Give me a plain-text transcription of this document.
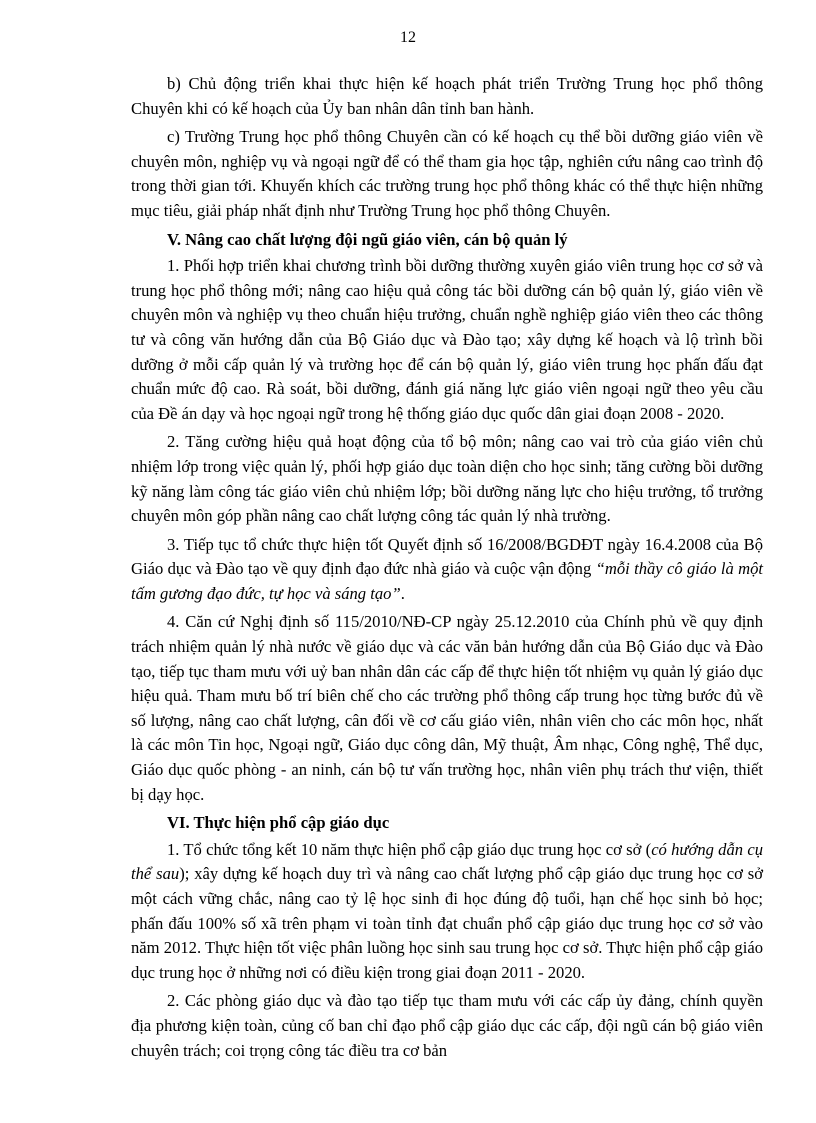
12

b) Chủ động triển khai thực hiện kế hoạch phát triển Trường Trung học phổ thông Chuyên khi có kế hoạch của Ủy ban nhân dân tỉnh ban hành.

c) Trường Trung học phổ thông Chuyên cần có kế hoạch cụ thể bồi dưỡng giáo viên về chuyên môn, nghiệp vụ và ngoại ngữ để có thể tham gia học tập, nghiên cứu nâng cao trình độ trong thời gian tới. Khuyến khích các trường trung học phổ thông khác có thể thực hiện những mục tiêu, giải pháp nhất định như Trường Trung học phổ thông Chuyên.

V. Nâng cao chất lượng đội ngũ giáo viên, cán bộ quản lý

1. Phối hợp triển khai chương trình bồi dưỡng thường xuyên giáo viên trung học cơ sở và trung học phổ thông mới; nâng cao hiệu quả công tác bồi dưỡng cán bộ quản lý, giáo viên về chuyên môn và nghiệp vụ theo chuẩn hiệu trưởng, chuẩn nghề nghiệp giáo viên theo các thông tư và công văn hướng dẫn của Bộ Giáo dục và Đào tạo; xây dựng kế hoạch và lộ trình bồi dưỡng ở mỗi cấp quản lý và trường học để cán bộ quản lý, giáo viên trung học phấn đấu đạt chuẩn mức độ cao. Rà soát, bồi dưỡng, đánh giá năng lực giáo viên ngoại ngữ theo yêu cầu của Đề án dạy và học ngoại ngữ trong hệ thống giáo dục quốc dân giai đoạn 2008 - 2020.

2. Tăng cường hiệu quả hoạt động của tổ bộ môn; nâng cao vai trò của giáo viên chủ nhiệm lớp trong việc quản lý, phối hợp giáo dục toàn diện cho học sinh; tăng cường bồi dưỡng kỹ năng làm công tác giáo viên chủ nhiệm lớp; bồi dưỡng năng lực cho hiệu trưởng, tổ trưởng chuyên môn góp phần nâng cao chất lượng công tác quản lý nhà trường.

3. Tiếp tục tổ chức thực hiện tốt Quyết định số 16/2008/BGDĐT ngày 16.4.2008 của Bộ Giáo dục và Đào tạo về quy định đạo đức nhà giáo và cuộc vận động “mỗi thầy cô giáo là một tấm gương đạo đức, tự học và sáng tạo”.

4. Căn cứ Nghị định số 115/2010/NĐ-CP ngày 25.12.2010 của Chính phủ về quy định trách nhiệm quản lý nhà nước về giáo dục và các văn bản hướng dẫn của Bộ Giáo dục và Đào tạo, tiếp tục tham mưu với uỷ ban nhân dân các cấp để thực hiện tốt nhiệm vụ quản lý giáo dục hiệu quả. Tham mưu bố trí biên chế cho các trường phổ thông cấp trung học từng bước đủ về số lượng, nâng cao chất lượng, cân đối về cơ cấu giáo viên, nhân viên cho các môn học, nhất là các môn Tin học, Ngoại ngữ, Giáo dục công dân, Mỹ thuật, Âm nhạc, Công nghệ, Thể dục, Giáo dục quốc phòng - an ninh, cán bộ tư vấn trường học, nhân viên phụ trách thư viện, thiết bị dạy học.

VI. Thực hiện phổ cập giáo dục

1. Tổ chức tổng kết 10 năm thực hiện phổ cập giáo dục trung học cơ sở (có hướng dẫn cụ thể sau); xây dựng kế hoạch duy trì và nâng cao chất lượng phổ cập giáo dục trung học cơ sở một cách vững chắc, nâng cao tỷ lệ học sinh đi học đúng độ tuổi, hạn chế học sinh bỏ học; phấn đấu 100% số xã trên phạm vi toàn tỉnh đạt chuẩn phổ cập giáo dục trung học cơ sở vào năm 2012. Thực hiện tốt việc phân luồng học sinh sau trung học cơ sở. Thực hiện phổ cập giáo dục trung học ở những nơi có điều kiện trong giai đoạn 2011 - 2020.

2. Các phòng giáo dục và đào tạo tiếp tục tham mưu với các cấp ủy đảng, chính quyền địa phương kiện toàn, củng cố ban chỉ đạo phổ cập giáo dục các cấp, đội ngũ cán bộ giáo viên chuyên trách; coi trọng công tác điều tra cơ bản
